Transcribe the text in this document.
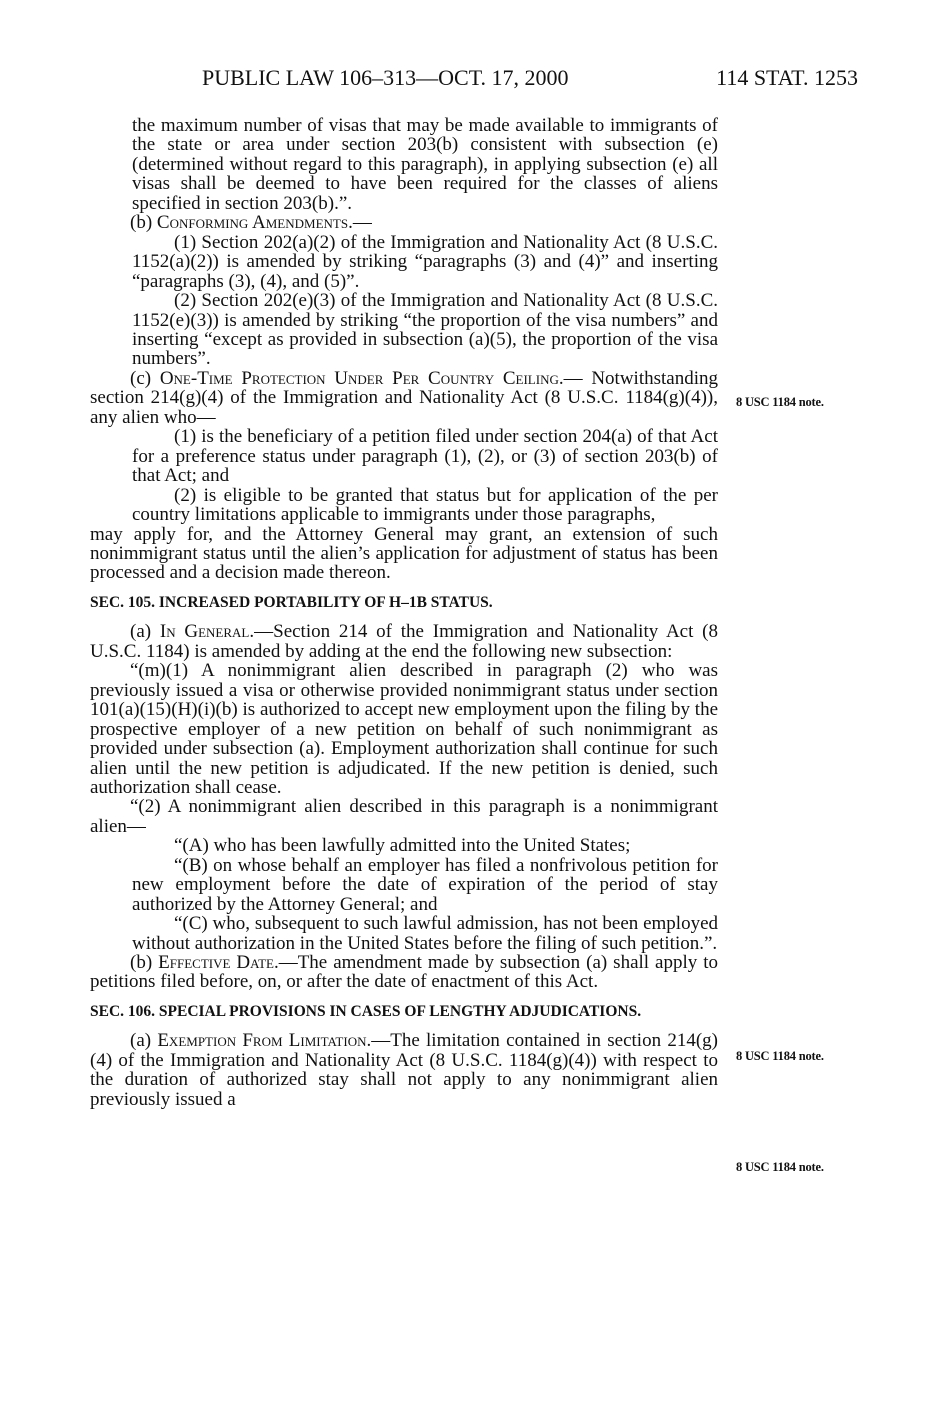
PUBLIC LAW 106–313—OCT. 17, 2000	114 STAT. 1253

the maximum number of visas that may be made available to immigrants of the state or area under section 203(b) consistent with subsection (e) (determined without regard to this paragraph), in applying subsection (e) all visas shall be deemed to have been required for the classes of aliens specified in section 203(b).”.

(b) Conforming Amendments.—

(1) Section 202(a)(2) of the Immigration and Nationality Act (8 U.S.C. 1152(a)(2)) is amended by striking “paragraphs (3) and (4)” and inserting “paragraphs (3), (4), and (5)”.

(2) Section 202(e)(3) of the Immigration and Nationality Act (8 U.S.C. 1152(e)(3)) is amended by striking “the proportion of the visa numbers” and inserting “except as provided in subsection (a)(5), the proportion of the visa numbers”.

(c) One-Time Protection Under Per Country Ceiling.— Notwithstanding section 214(g)(4) of the Immigration and Nationality Act (8 U.S.C. 1184(g)(4)), any alien who—

(1) is the beneficiary of a petition filed under section 204(a) of that Act for a preference status under paragraph (1), (2), or (3) of section 203(b) of that Act; and

(2) is eligible to be granted that status but for application of the per country limitations applicable to immigrants under those paragraphs,

may apply for, and the Attorney General may grant, an extension of such nonimmigrant status until the alien’s application for adjustment of status has been processed and a decision made thereon.

SEC. 105. INCREASED PORTABILITY OF H–1B STATUS.

(a) In General.—Section 214 of the Immigration and Nationality Act (8 U.S.C. 1184) is amended by adding at the end the following new subsection:

“(m)(1) A nonimmigrant alien described in paragraph (2) who was previously issued a visa or otherwise provided nonimmigrant status under section 101(a)(15)(H)(i)(b) is authorized to accept new employment upon the filing by the prospective employer of a new petition on behalf of such nonimmigrant as provided under subsection (a). Employment authorization shall continue for such alien until the new petition is adjudicated. If the new petition is denied, such authorization shall cease.

“(2) A nonimmigrant alien described in this paragraph is a nonimmigrant alien—

“(A) who has been lawfully admitted into the United States;

“(B) on whose behalf an employer has filed a nonfrivolous petition for new employment before the date of expiration of the period of stay authorized by the Attorney General; and

“(C) who, subsequent to such lawful admission, has not been employed without authorization in the United States before the filing of such petition.”.

(b) Effective Date.—The amendment made by subsection (a) shall apply to petitions filed before, on, or after the date of enactment of this Act.

SEC. 106. SPECIAL PROVISIONS IN CASES OF LENGTHY ADJUDICATIONS.

(a) Exemption From Limitation.—The limitation contained in section 214(g)(4) of the Immigration and Nationality Act (8 U.S.C. 1184(g)(4)) with respect to the duration of authorized stay shall not apply to any nonimmigrant alien previously issued a

8 USC 1184 note.
8 USC 1184 note.
8 USC 1184 note.
